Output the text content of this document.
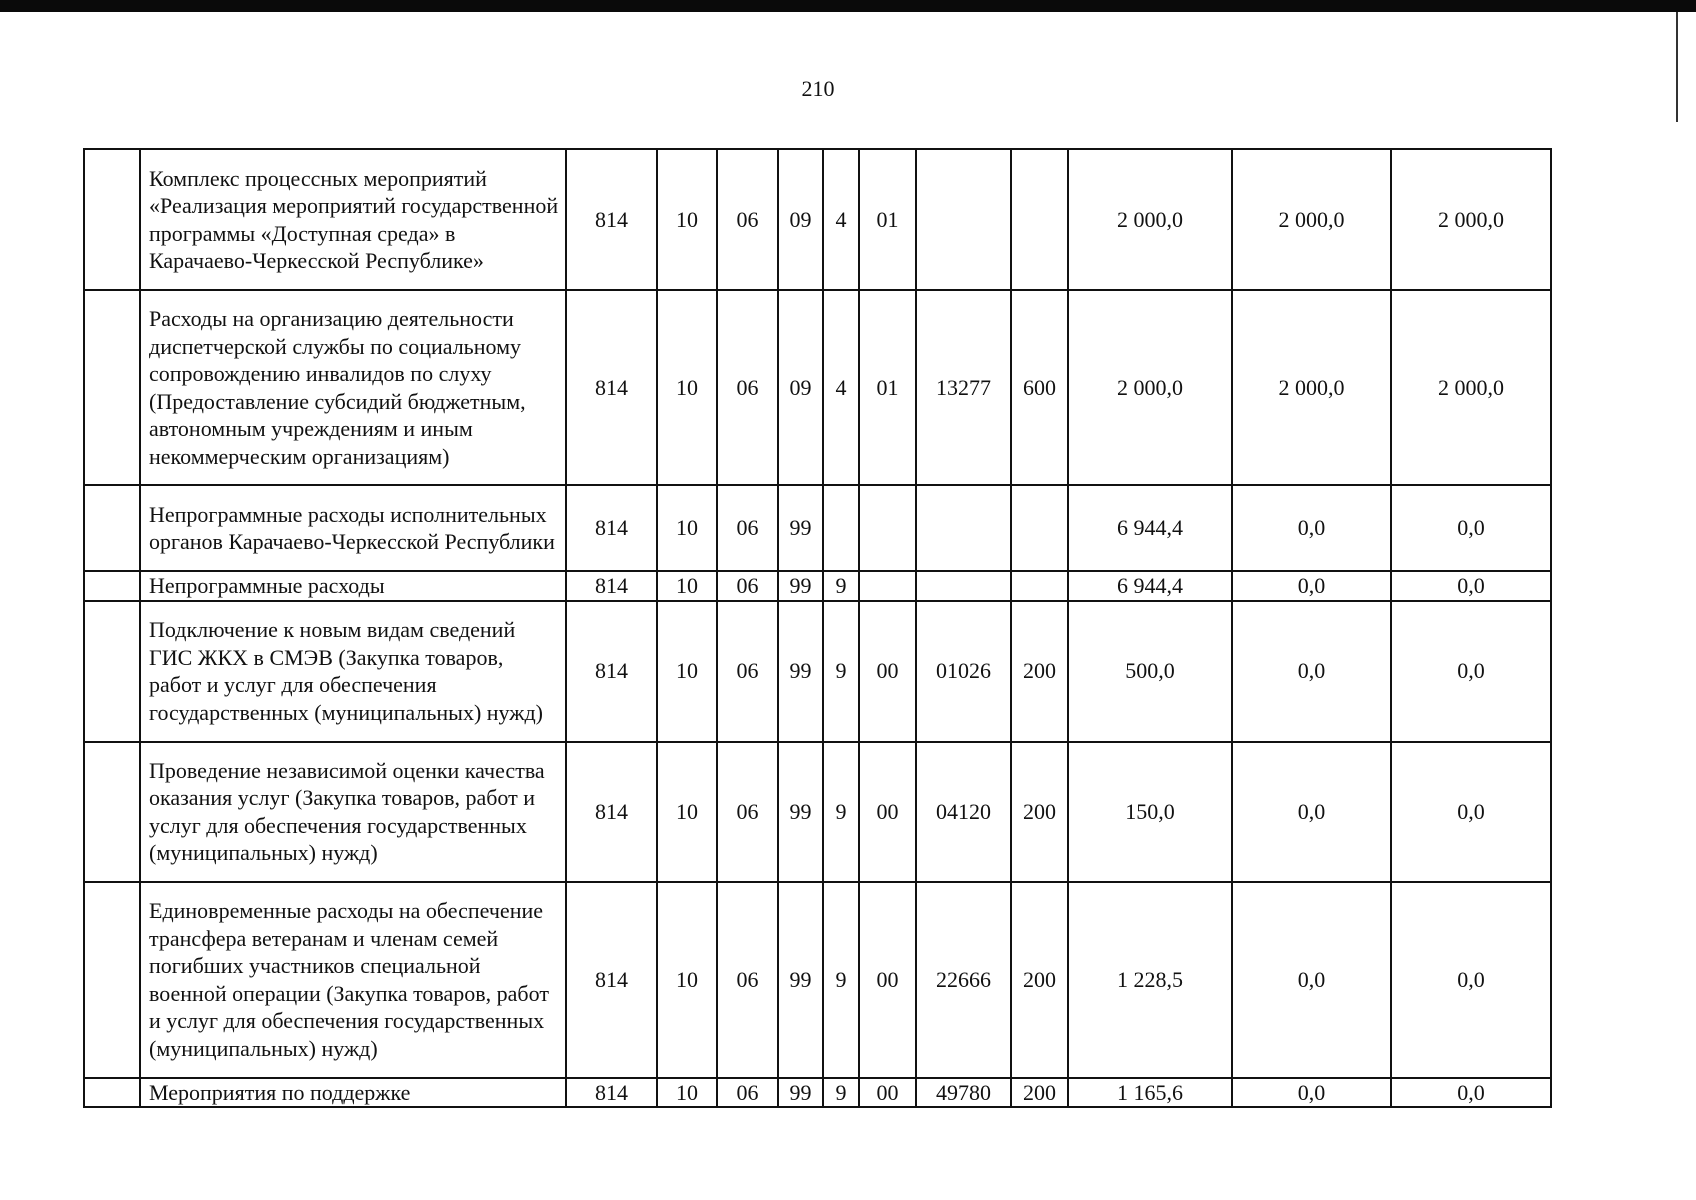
210
	Комплекс процессных мероприятий «Реализация мероприятий государственной программы «Доступная среда» в Карачаево-Черкесской Республике»	814	10	06	09	4	01			2 000,0	2 000,0	2 000,0
	Расходы на организацию деятельности диспетчерской службы по социальному сопровождению инвалидов по слуху (Предоставление субсидий бюджетным, автономным учреждениям и иным некоммерческим организациям)	814	10	06	09	4	01	13277	600	2 000,0	2 000,0	2 000,0
	Непрограммные расходы исполнительных органов Карачаево-Черкесской Республики	814	10	06	99					6 944,4	0,0	0,0
	Непрограммные расходы	814	10	06	99	9				6 944,4	0,0	0,0
	Подключение к новым видам сведений ГИС ЖКХ в СМЭВ (Закупка товаров, работ и услуг для обеспечения государственных (муниципальных) нужд)	814	10	06	99	9	00	01026	200	500,0	0,0	0,0
	Проведение независимой оценки качества оказания услуг (Закупка товаров, работ и услуг для обеспечения государственных (муниципальных) нужд)	814	10	06	99	9	00	04120	200	150,0	0,0	0,0
	Единовременные расходы на обеспечение трансфера ветеранам и членам семей погибших участников специальной военной операции (Закупка товаров, работ и услуг для обеспечения государственных (муниципальных) нужд)	814	10	06	99	9	00	22666	200	1 228,5	0,0	0,0
	Мероприятия по поддержке	814	10	06	99	9	00	49780	200	1 165,6	0,0	0,0
